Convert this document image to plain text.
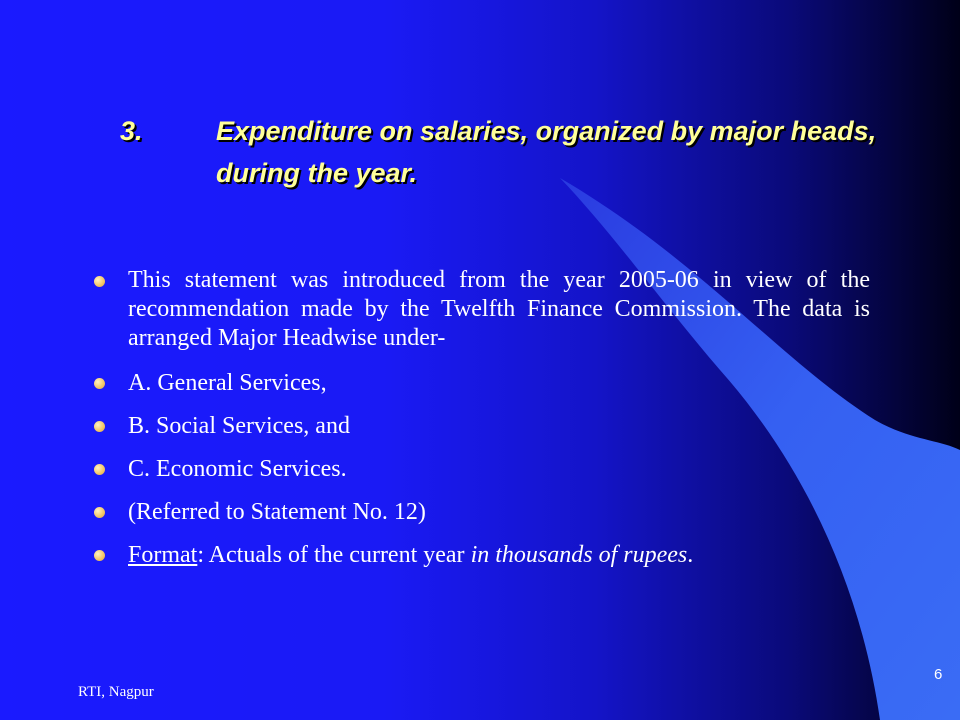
3.	Expenditure on salaries, organized by major heads,
during the year.
This statement was introduced from the year 2005-06 in view of the recommendation made by the Twelfth Finance Commission. The data is arranged Major Headwise under-
A. General Services,
B. Social Services, and
C. Economic Services.
(Referred to Statement No. 12)
Format: Actuals of the current year in thousands of rupees.
RTI, Nagpur
6
